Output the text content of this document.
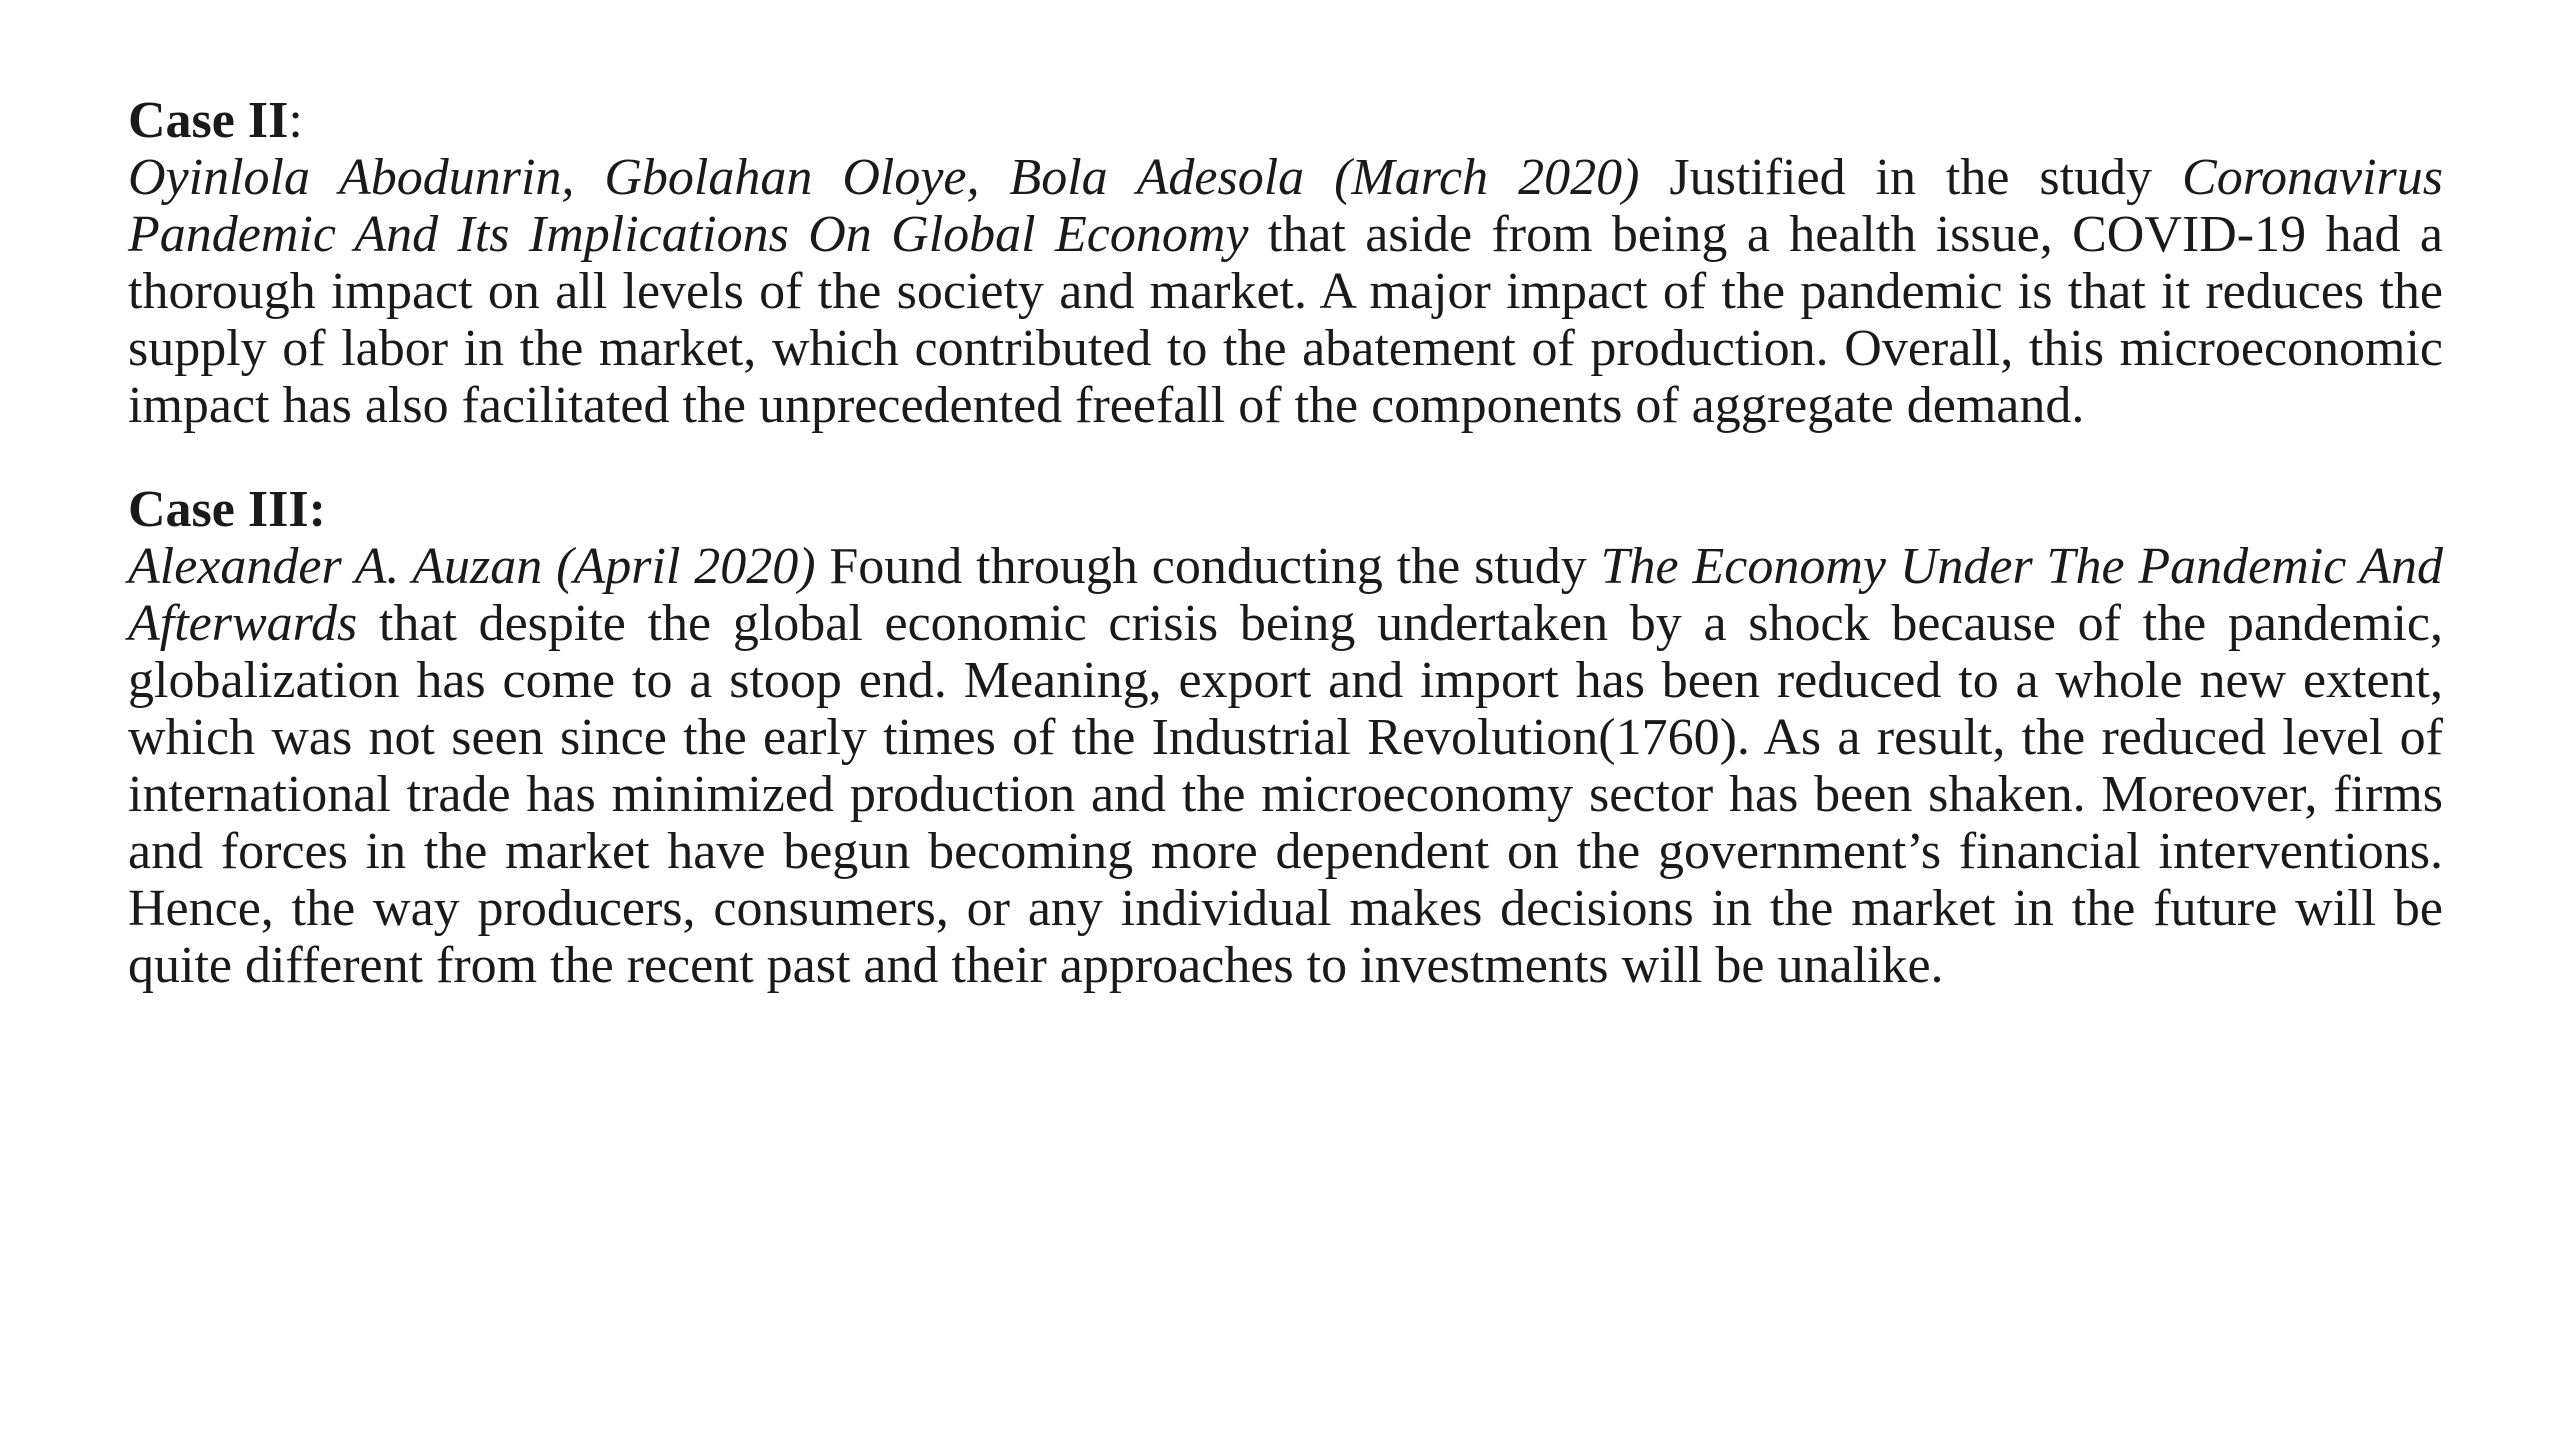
Case II:

Oyinlola Abodunrin, Gbolahan Oloye, Bola Adesola (March 2020) Justified in the study Coronavirus Pandemic And Its Implications On Global Economy that aside from being a health issue, COVID-19 had a thorough impact on all levels of the society and market. A major impact of the pandemic is that it reduces the supply of labor in the market, which contributed to the abatement of production. Overall, this microeconomic impact has also facilitated the unprecedented freefall of the components of aggregate demand.

Case III:

Alexander A. Auzan (April 2020) Found through conducting the study The Economy Under The Pandemic And Afterwards that despite the global economic crisis being undertaken by a shock because of the pandemic, globalization has come to a stoop end. Meaning, export and import has been reduced to a whole new extent, which was not seen since the early times of the Industrial Revolution(1760). As a result, the reduced level of international trade has minimized production and the microeconomy sector has been shaken. Moreover, firms and forces in the market have begun becoming more dependent on the government’s financial interventions. Hence, the way producers, consumers, or any individual makes decisions in the market in the future will be quite different from the recent past and their approaches to investments will be unalike.
